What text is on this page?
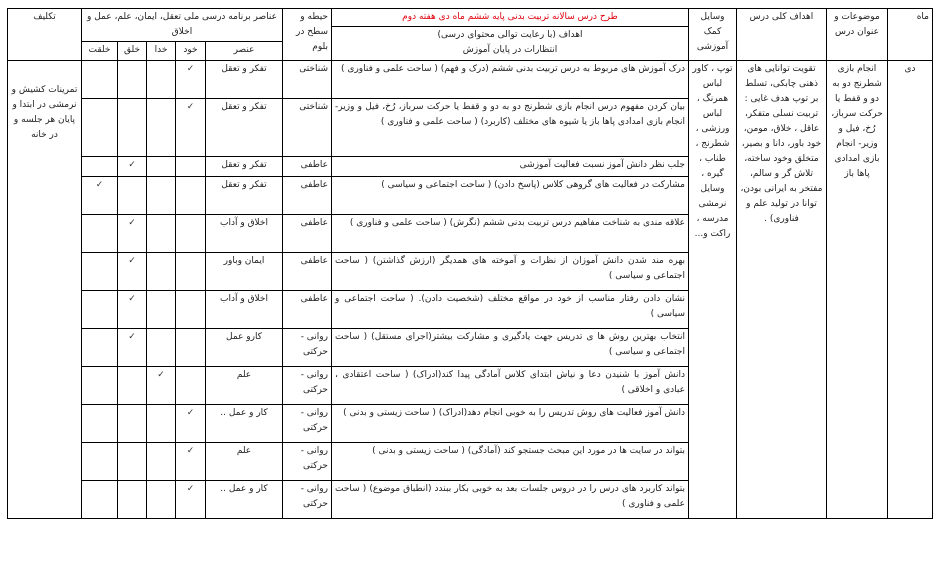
ماه	موضوعات و عنوان درس	اهداف کلی درس	وسایل کمک آموزشی	طرح درس سالانه تربیت بدنی پایه ششم ماه دی هفته دوم	حیطه و سطح در بلوم	عناصر برنامه درسی ملی تعقل، ایمان، علم، عمل و اخلاق					تکلیف

				اهداف (با رعایت توالی محتوای درسی)
انتظارات در پایان آموزش							

						عنصر	خود	خدا	خلق	خلقت	
دی	انجام بازی شطرنج دو به دو و قفط یا حرکت سرباز، رُخ، فیل و وزیر- انجام بازی امدادی پاها باز	تقویت توانایی های ذهنی چابکی، تسلط بر توپ هدف غایی : تربیت نسلی متفکر، عاقل ، خلاق، مومن، خود باور، دانا و بصیر، متخلق وخود ساخته، تلاش گر و سالم، مفتخر به ایرانی بودن، توانا در تولید علم و فناوری) .	توپ ، کاور لباس همرنگ ، لباس ورزشی ، شطرنج ، طناب ، گیره ، وسایل نرمشی مدرسه ، راکت و...	درک آموزش های مربوط به درس تربیت بدنی ششم (درک و فهم) ( ساحت علمی و فناوری )	شناختی	تفکر و تعقل	✓				تمرینات کشیش و نرمشی در ابتدا و پایان هر جلسه و در خانه
				بیان کردن مفهوم درس انجام بازی شطرنج دو به دو و قفط یا حرکت سرباز، رُخ، فیل و وزیر- انجام بازی امدادی پاها باز یا شیوه های مختلف (کاربرد) ( ساحت علمی و فناوری )	شناختی	تفکر و تعقل	✓				
				جلب نظر دانش آموز نسبت فعالیت آموزشی	عاطفی	تفکر و تعقل			✓		
				مشارکت در فعالیت های گروهی کلاس (پاسخ دادن) ( ساحت اجتماعی و سیاسی )	عاطفی	تفکر و تعقل				✓	
				علاقه مندی به شناخت مفاهیم درس تربیت بدنی ششم (نگرش) ( ساحت علمی و فناوری )	عاطفی	اخلاق و آداب			✓		
				بهره مند شدن دانش آموزان از نظرات و آموخته های همدیگر (ارزش گذاشتن) ( ساحت اجتماعی و سیاسی )	عاطفی	ایمان وباور			✓		
				نشان دادن رفتار مناسب از خود در مواقع مختلف (شخصیت دادن). ( ساحت اجتماعی و سیاسی )	عاطفی	اخلاق و آداب			✓		
				انتخاب بهترین روش ها ی تدریس جهت یادگیری و مشارکت بیشتر(اجرای مستقل) ( ساحت اجتماعی و سیاسی )	روانی - حرکتی	کارو عمل			✓		
				دانش آموز با شنیدن دعا و نیاش ابتدای کلاس آمادگی پیدا کند(ادراک) ( ساحت اعتقادی ، عبادی و اخلاقی )	روانی - حرکتی	علم		✓			
				دانش آموز فعالیت های روش تدریس را به خوبی انجام دهد(ادراک) ( ساحت زیستی و بدنی )	روانی - حرکتی	کار و عمل ..	✓				
				بتواند در سایت ها در مورد این مبحث جستجو کند (آمادگی) ( ساحت زیستی و بدنی )	روانی - حرکتی	علم	✓				
				بتواند کاربرد های درس را در دروس جلسات بعد به خوبی بکار ببندد (انطباق موضوع) ( ساحت علمی و فناوری )	روانی - حرکتی	کار و عمل ..	✓				
